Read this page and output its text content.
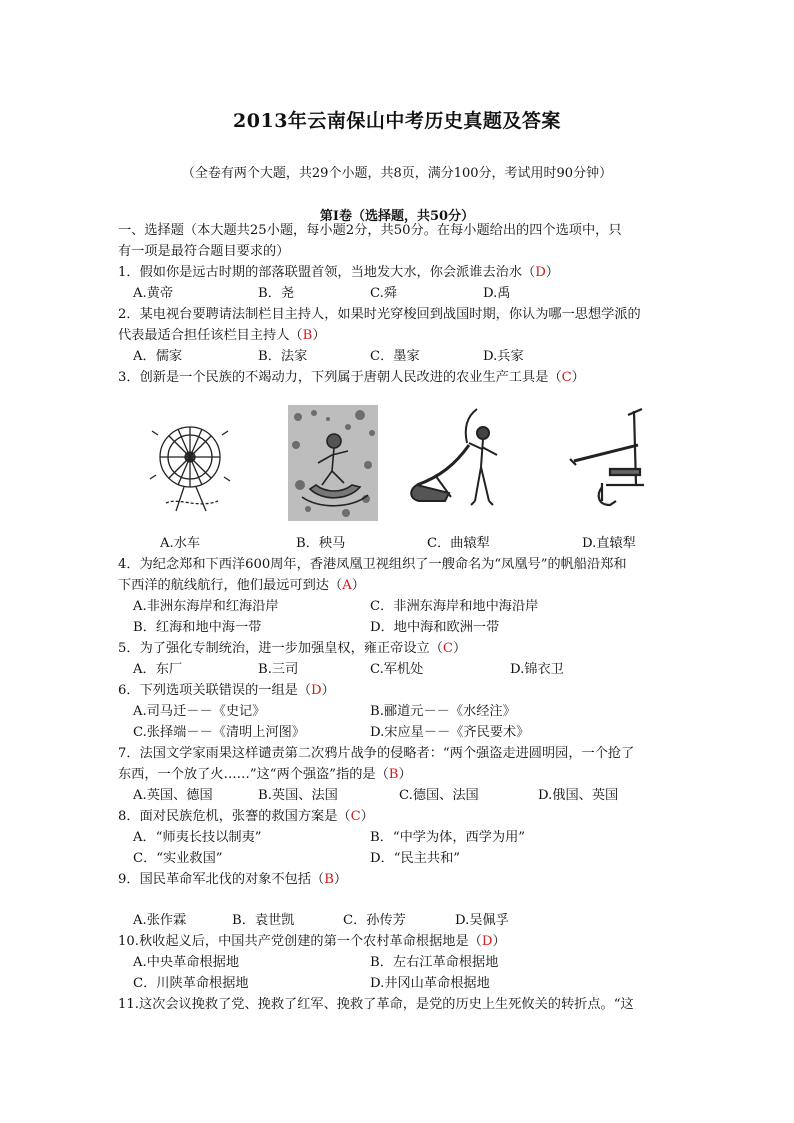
2013年云南保山中考历史真题及答案
（全卷有两个大题，共29个小题，共8页，满分100分，考试用时90分钟）
第Ⅰ卷（选择题，共50分）
一、选择题（本大题共25小题，每小题2分，共50分。在每小题给出的四个选项中，只
有一项是最符合题目要求的）
1．假如你是远古时期的部落联盟首领，当地发大水，你会派谁去治水（D）
A.黄帝	B．尧	C.舜	D.禹
2．某电视台要聘请法制栏目主持人，如果时光穿梭回到战国时期，你认为哪一思想学派的
代表最适合担任该栏目主持人（B）
A．儒家	B．法家	C．墨家	D.兵家
3．创新是一个民族的不竭动力，下列属于唐朝人民改进的农业生产工具是（C）
A.水车	B．秧马	C．曲辕犁	D.直辕犁
4．为纪念郑和下西洋600周年，香港凤凰卫视组织了一艘命名为“凤凰号”的帆船沿郑和
下西洋的航线航行，他们最远可到达（A）
A.非洲东海岸和红海沿岸	C．非洲东海岸和地中海沿岸
B．红海和地中海一带	D．地中海和欧洲一带
5．为了强化专制统治，进一步加强皇权，雍正帝设立（C）
A．东厂	B.三司	C.军机处	D.锦衣卫
6．下列选项关联错误的一组是（D）
A.司马迁－－《史记》	B.郦道元－－《水经注》
C.张择端－－《清明上河图》	D.宋应星－－《齐民要术》
7．法国文学家雨果这样谴责第二次鸦片战争的侵略者：“两个强盗走进圆明园，一个抢了
东西，一个放了火……”这“两个强盗”指的是（B）
A.英国、德国	B.英国、法国	C.德国、法国	D.俄国、英国
8．面对民族危机，张謇的救国方案是（C）
A．“师夷长技以制夷”	B．“中学为体，西学为用”
C．“实业救国”	D．“民主共和”
9．国民革命军北伐的对象不包括（B）
A.张作霖	B．袁世凯	C．孙传芳	D.吴佩孚
10.秋收起义后，中国共产党创建的第一个农村革命根据地是（D）
A.中央革命根据地	B．左右江革命根据地
C．川陕革命根据地	D.井冈山革命根据地
11.这次会议挽救了党、挽救了红军、挽救了革命，是党的历史上生死攸关的转折点。“这
